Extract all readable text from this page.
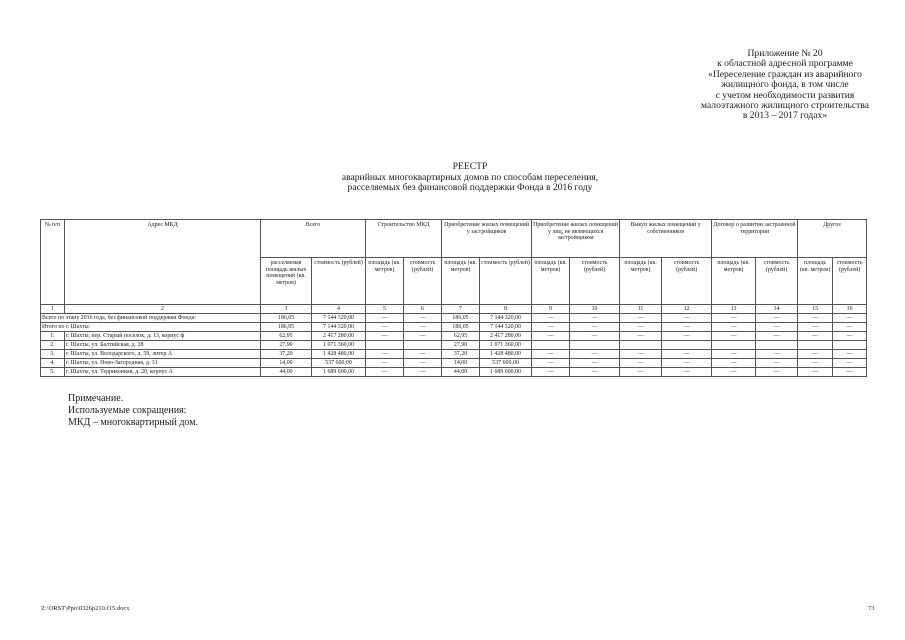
Приложение № 20
к областной адресной программе
«Переселение граждан из аварийного
жилищного фонда, в том числе
с учетом необходимости развития
малоэтажного жилищного строительства
в 2013 – 2017 годах»
РЕЕСТР
аварийных многоквартирных домов по способам переселения,
расселяемых без финансовой поддержки Фонда в 2016 году
№ п/п	Адрес МКД	Всего		Строительство МКД		Приобретение жилых помещений у застройщиков		Приобретение жилых помещений у лиц, не являющихся застройщиком		Выкуп жилых помещений у собственников		Договор о развитии застроенной территории		Другое	
		расселяемая площадь жилых помещений (кв. метров)	стоимость (рублей)	площадь (кв. метров)	стоимость (рублей)	площадь (кв. метров)	стоимость (рублей)	площадь (кв. метров)	стоимость (рублей)	площадь (кв. метров)	стоимость (рублей)	площадь (кв. метров)	стоимость (рублей)	площадь (кв. метров)	стоимость (рублей)
1	2	3	4	5	6	7	8	9	10	11	12	13	14	15	16
Всего по этапу 2016 года, без финансовой поддержки Фонда:		186,05	7 144 320,00	—	—	186,05	7 144 320,00	—	—	—	—	—	—	—	—
Итого по г. Шахты:		186,05	7 144 320,00	—	—	186,05	7 144 320,00	—	—	—	—	—	—	—	—
1.	г. Шахты, пер. Старый поселок, д. 13, корпус ф	62,95	2 417 280,00	—	—	62,95	2 417 280,00	—	—	—	—	—	—	—	—
2.	г. Шахты, ул. Балтийская, д. 28	27,90	1 071 360,00			27,90	1 071 360,00								
3.	г. Шахты, ул. Володарского, д. 59, литер А	37,20	1 428 480,00	—	—	37,20	1 428 480,00	—	—	—	—	—	—	—	—
4.	г. Шахты, ул. Ново-Загородная, д. 31	14,00	537 600,00	—	—	14,00	537 600,00	—	—	—	—	—	—	—	—
5.	г. Шахты, ул. Терриконная, д. 20, корпус А	44,00	1 689 600,00	—	—	44,00	1 689 600,00	—	—	—	—	—	—	—	—
Примечание.
Используемые сокращения:
МКД – многоквартирный дом.
Z:\ORST\Ppo\0326p210.f15.docx	73
